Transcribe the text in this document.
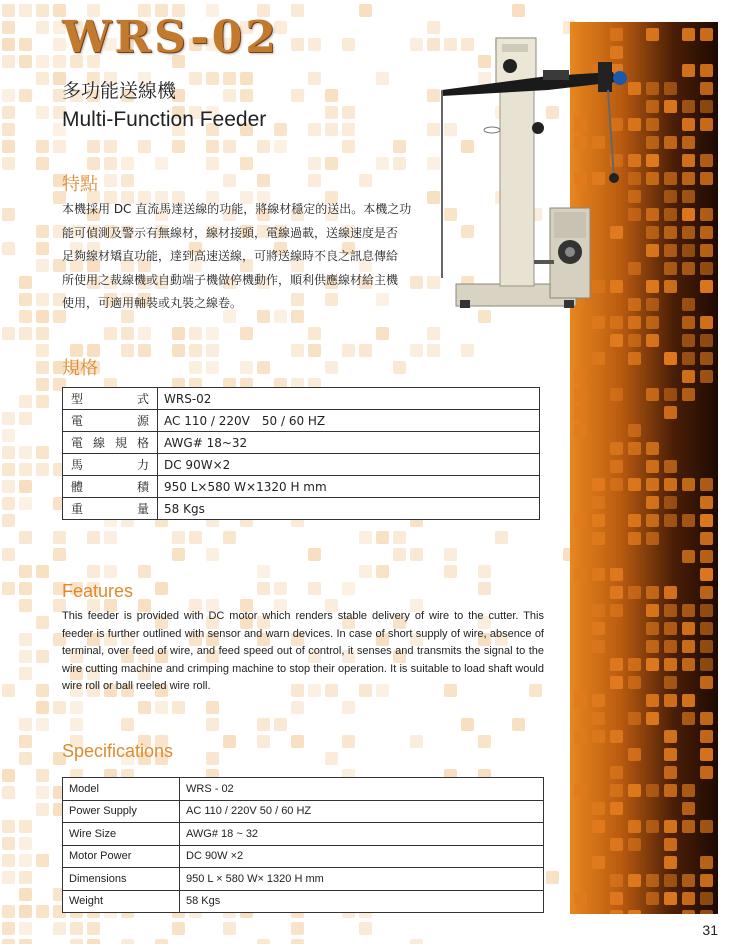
WRS-02
多功能送線機
Multi-Function Feeder
特點
本機採用 DC 直流馬達送線的功能，將線材穩定的送出。本機之功
能可偵測及警示有無線材，線材接頭，電線過載，送線速度是否
足夠線材矯直功能，達到高速送線，可將送線時不良之訊息傳給
所使用之裁線機或自動端子機做停機動作，順利供應線材給主機
使用，可適用軸裝或丸裝之線卷。
規格
型式	WRS-02
電源	AC 110 / 220V　50 / 60 HZ
電線規格	AWG# 18~32
馬力	DC 90W×2
體積	950 L×580 W×1320 H mm
重量	58 Kgs
Features
This feeder is provided with DC motor which renders stable delivery of wire to the cutter. This feeder is further outlined with sensor and warn devices. In case of short supply of wire, absence of terminal, over feed of wire, and feed speed out of control, it senses and transmits the signal to the wire cutting machine and crimping machine to stop their operation. It is suitable to load shaft would wire roll or ball reeled wire roll.
Specifications
Model	WRS - 02
Power Supply	AC 110 / 220V 50 / 60 HZ
Wire Size	AWG# 18 ~ 32
Motor Power	DC 90W ×2
Dimensions	950 L × 580 W× 1320 H mm
Weight	58 Kgs
31
